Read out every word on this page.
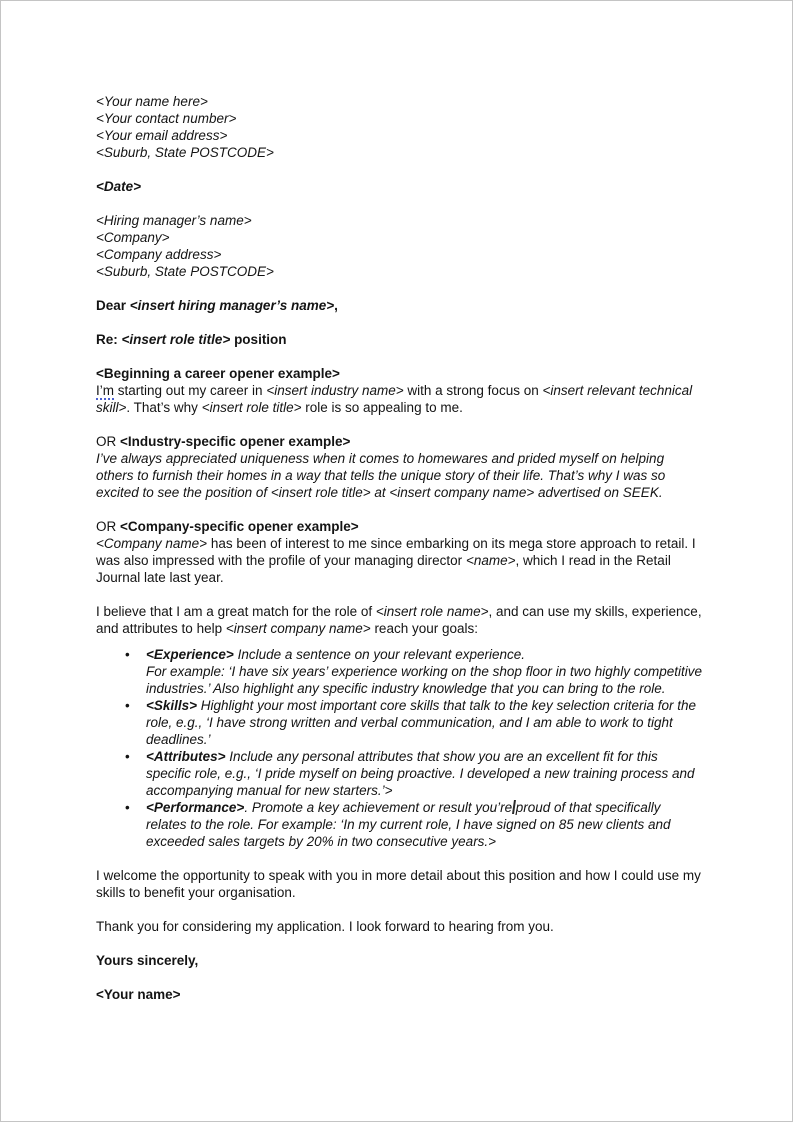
<Your name here>
<Your contact number>
<Your email address>
<Suburb, State POSTCODE>

<Date>

<Hiring manager’s name>
<Company>
<Company address>
<Suburb, State POSTCODE>

Dear <insert hiring manager’s name>,

Re: <insert role title> position

<Beginning a career opener example>
I’m starting out my career in <insert industry name> with a strong focus on <insert relevant technical skill>. That’s why <insert role title> role is so appealing to me.

OR <Industry-specific opener example>
I’ve always appreciated uniqueness when it comes to homewares and prided myself on helping others to furnish their homes in a way that tells the unique story of their life. That’s why I was so excited to see the position of <insert role title> at <insert company name> advertised on SEEK.

OR <Company-specific opener example>
<Company name> has been of interest to me since embarking on its mega store approach to retail. I was also impressed with the profile of your managing director <name>, which I read in the Retail Journal late last year.

I believe that I am a great match for the role of <insert role name>, and can use my skills, experience, and attributes to help <insert company name> reach your goals:

• <Experience> Include a sentence on your relevant experience.
For example: ‘I have six years’ experience working on the shop floor in two highly competitive industries.’ Also highlight any specific industry knowledge that you can bring to the role.
• <Skills> Highlight your most important core skills that talk to the key selection criteria for the role, e.g., ‘I have strong written and verbal communication, and I am able to work to tight deadlines.’
• <Attributes> Include any personal attributes that show you are an excellent fit for this specific role, e.g., ‘I pride myself on being proactive. I developed a new training process and accompanying manual for new starters.’>
• <Performance>. Promote a key achievement or result you’re proud of that specifically relates to the role. For example: ‘In my current role, I have signed on 85 new clients and exceeded sales targets by 20% in two consecutive years.>

I welcome the opportunity to speak with you in more detail about this position and how I could use my skills to benefit your organisation.

Thank you for considering my application. I look forward to hearing from you.

Yours sincerely,

<Your name>
